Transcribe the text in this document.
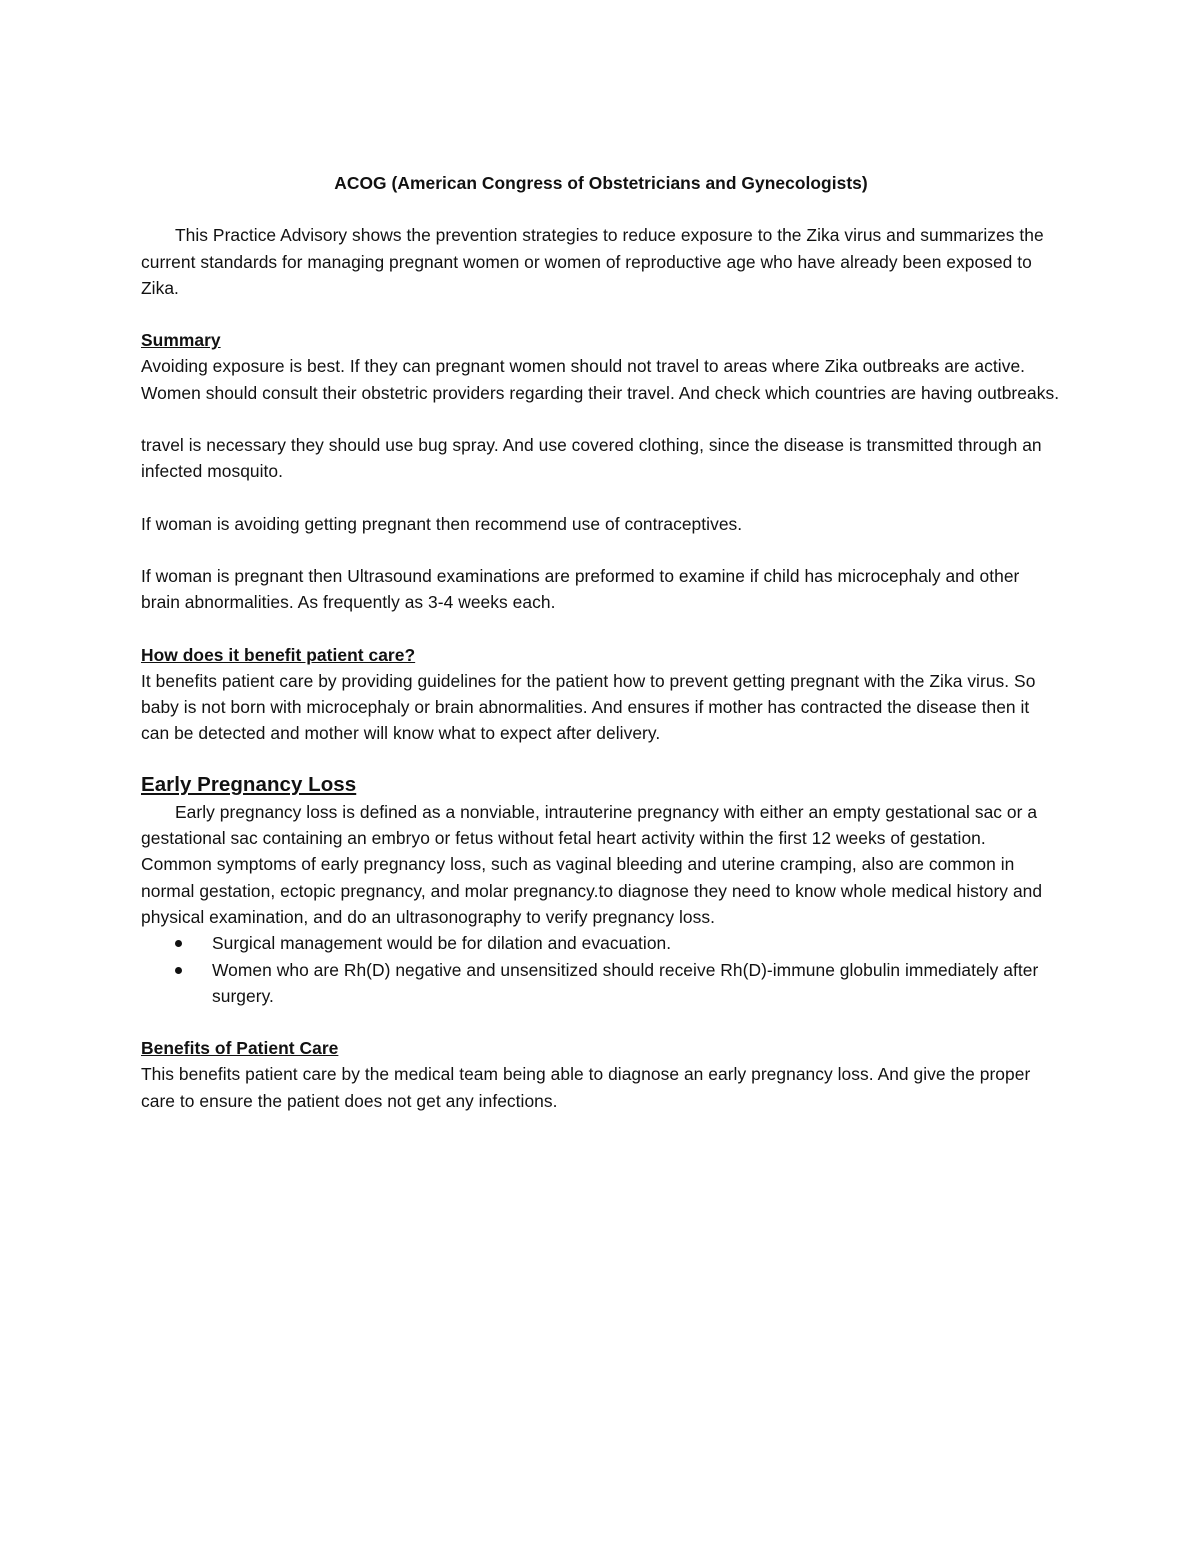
ACOG (American Congress of Obstetricians and Gynecologists)

This Practice Advisory shows the prevention strategies to reduce exposure to the Zika virus and summarizes the current standards for managing pregnant women or women of reproductive age who have already been exposed to Zika.

Summary

Avoiding exposure is best. If they can pregnant women should not travel to areas where Zika outbreaks are active. Women should consult their obstetric providers regarding their travel. And check which countries are having outbreaks.

travel is necessary they should use bug spray. And use covered clothing, since the disease is transmitted through an infected mosquito.

If woman is avoiding getting pregnant then recommend use of contraceptives.

If woman is pregnant then Ultrasound examinations are preformed to examine if child has microcephaly and other brain abnormalities. As frequently as 3-4 weeks each.

How does it benefit patient care?

It benefits patient care by providing guidelines for the patient how to prevent getting pregnant with the Zika virus. So baby is not born with microcephaly or brain abnormalities. And ensures if mother has contracted the disease then it can be detected and mother will know what to expect after delivery.

Early Pregnancy Loss

Early pregnancy loss is defined as a nonviable, intrauterine pregnancy with either an empty gestational sac or a gestational sac containing an embryo or fetus without fetal heart activity within the first 12 weeks of gestation. Common symptoms of early pregnancy loss, such as vaginal bleeding and uterine cramping, also are common in normal gestation, ectopic pregnancy, and molar pregnancy.to diagnose they need to know whole medical history and physical examination, and do an ultrasonography to verify pregnancy loss.

Surgical management would be for dilation and evacuation.
Women who are Rh(D) negative and unsensitized should receive Rh(D)-immune globulin immediately after surgery.
Benefits of Patient Care

This benefits patient care by the medical team being able to diagnose an early pregnancy loss. And give the proper care to ensure the patient does not get any infections.
